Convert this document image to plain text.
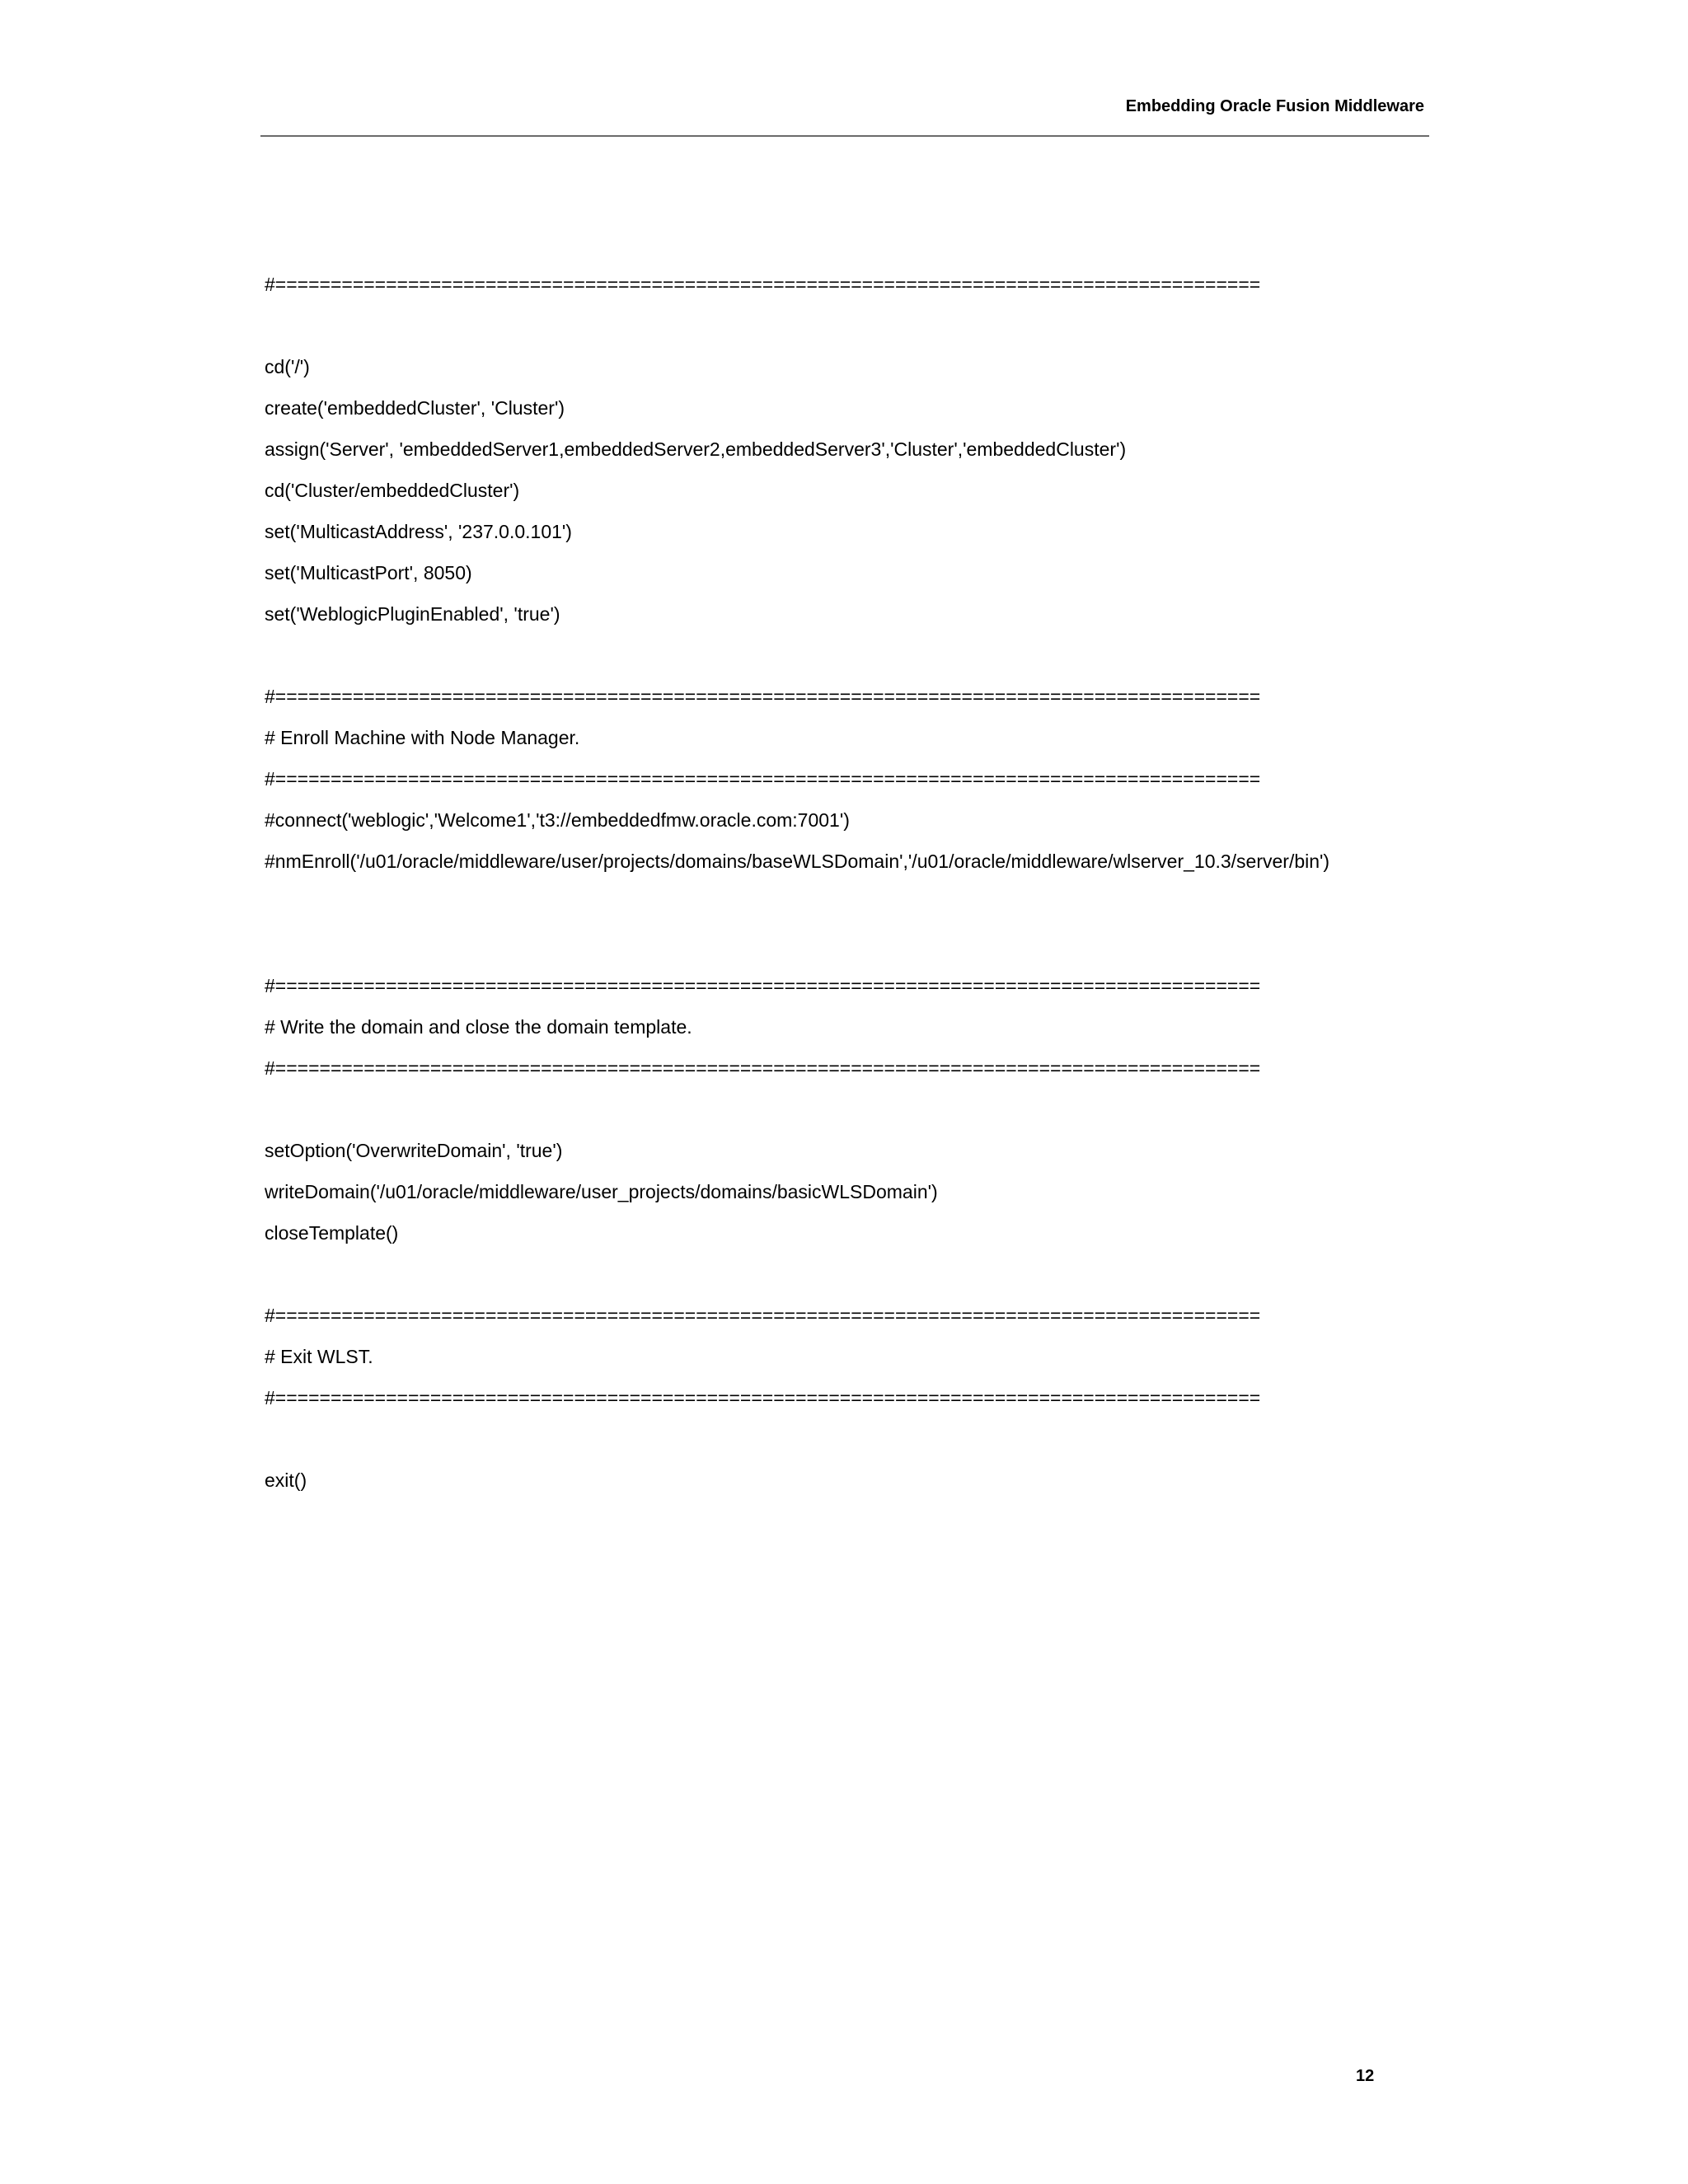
Embedding Oracle Fusion Middleware
#=========================================================================================
cd('/')
create('embeddedCluster', 'Cluster')
assign('Server', 'embeddedServer1,embeddedServer2,embeddedServer3','Cluster','embeddedCluster')
cd('Cluster/embeddedCluster')
set('MulticastAddress', '237.0.0.101')
set('MulticastPort', 8050)
set('WeblogicPluginEnabled', 'true')
#=========================================================================================
# Enroll Machine with Node Manager.
#=========================================================================================
#connect('weblogic','Welcome1','t3://embeddedfmw.oracle.com:7001')
#nmEnroll('/u01/oracle/middleware/user/projects/domains/baseWLSDomain','/u01/oracle/middleware/wlserver_10.3/server/bin')
#=========================================================================================
# Write the domain and close the domain template.
#=========================================================================================
setOption('OverwriteDomain', 'true')
writeDomain('/u01/oracle/middleware/user_projects/domains/basicWLSDomain')
closeTemplate()
#=========================================================================================
# Exit WLST.
#=========================================================================================
exit()
12
